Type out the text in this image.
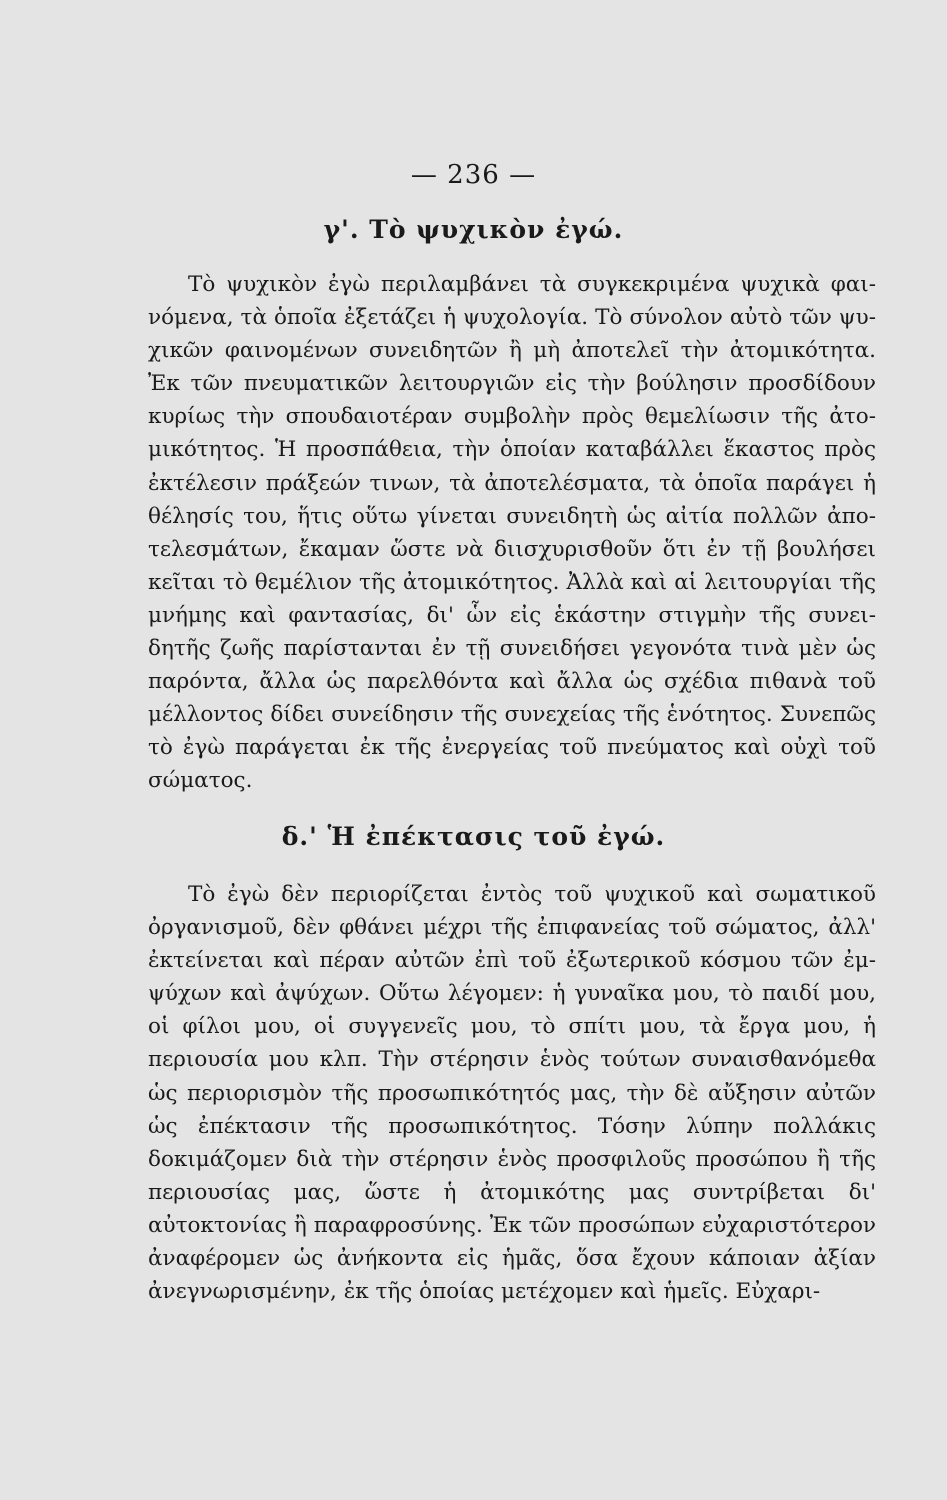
— 236 —
γ'. Τὸ ψυχικὸν ἐγώ.
Τὸ ψυχικὸν ἐγὼ περιλαμβάνει τὰ συγκεκριμένα ψυχικὰ φαινόμενα, τὰ ὁποῖα ἐξετάζει ἡ ψυχολογία. Τὸ σύνολον αὐτὸ τῶν ψυχικῶν φαινομένων συνειδητῶν ἢ μὴ ἀποτελεῖ τὴν ἀτομικότητα. Ἐκ τῶν πνευματικῶν λειτουργιῶν εἰς τὴν βούλησιν προσδίδουν κυρίως τὴν σπουδαιοτέραν συμβολὴν πρὸς θεμελίωσιν τῆς ἀτομικότητος. Ἡ προσπάθεια, τὴν ὁποίαν καταβάλλει ἕκαστος πρὸς ἐκτέλεσιν πράξεών τινων, τὰ ἀποτελέσματα, τὰ ὁποῖα παράγει ἡ θέλησίς του, ἥτις οὕτω γίνεται συνειδητὴ ὡς αἰτία πολλῶν ἀποτελεσμάτων, ἔκαμαν ὥστε νὰ διισχυρισθοῦν ὅτι ἐν τῇ βουλήσει κεῖται τὸ θεμέλιον τῆς ἀτομικότητος. Ἀλλὰ καὶ αἱ λειτουργίαι τῆς μνήμης καὶ φαντασίας, δι' ὧν εἰς ἑκάστην στιγμὴν τῆς συνειδητῆς ζωῆς παρίστανται ἐν τῇ συνειδήσει γεγονότα τινὰ μὲν ὡς παρόντα, ἄλλα ὡς παρελθόντα καὶ ἄλλα ὡς σχέδια πιθανὰ τοῦ μέλλοντος δίδει συνείδησιν τῆς συνεχείας τῆς ἑνότητος. Συνεπῶς τὸ ἐγὼ παράγεται ἐκ τῆς ἐνεργείας τοῦ πνεύματος καὶ οὐχὶ τοῦ σώματος.
δ.' Ἡ ἐπέκτασις τοῦ ἐγώ.
Τὸ ἐγὼ δὲν περιορίζεται ἐντὸς τοῦ ψυχικοῦ καὶ σωματικοῦ ὀργανισμοῦ, δὲν φθάνει μέχρι τῆς ἐπιφανείας τοῦ σώματος, ἀλλ' ἐκτείνεται καὶ πέραν αὐτῶν ἐπὶ τοῦ ἐξωτερικοῦ κόσμου τῶν ἐμψύχων καὶ ἀψύχων. Οὕτω λέγομεν: ἡ γυναῖκα μου, τὸ παιδί μου, οἱ φίλοι μου, οἱ συγγενεῖς μου, τὸ σπίτι μου, τὰ ἔργα μου, ἡ περιουσία μου κλπ. Τὴν στέρησιν ἑνὸς τούτων συναισθανόμεθα ὡς περιορισμὸν τῆς προσωπικότητός μας, τὴν δὲ αὔξησιν αὐτῶν ὡς ἐπέκτασιν τῆς προσωπικότητος. Τόσην λύπην πολλάκις δοκιμάζομεν διὰ τὴν στέρησιν ἑνὸς προσφιλοῦς προσώπου ἢ τῆς περιουσίας μας, ὥστε ἡ ἀτομικότης μας συντρίβεται δι' αὐτοκτονίας ἢ παραφροσύνης. Ἐκ τῶν προσώπων εὐχαριστότερον ἀναφέρομεν ὡς ἀνήκοντα εἰς ἡμᾶς, ὅσα ἔχουν κάποιαν ἀξίαν ἀνεγνωρισμένην, ἐκ τῆς ὁποίας μετέχομεν καὶ ἡμεῖς. Εὐχαρι-
